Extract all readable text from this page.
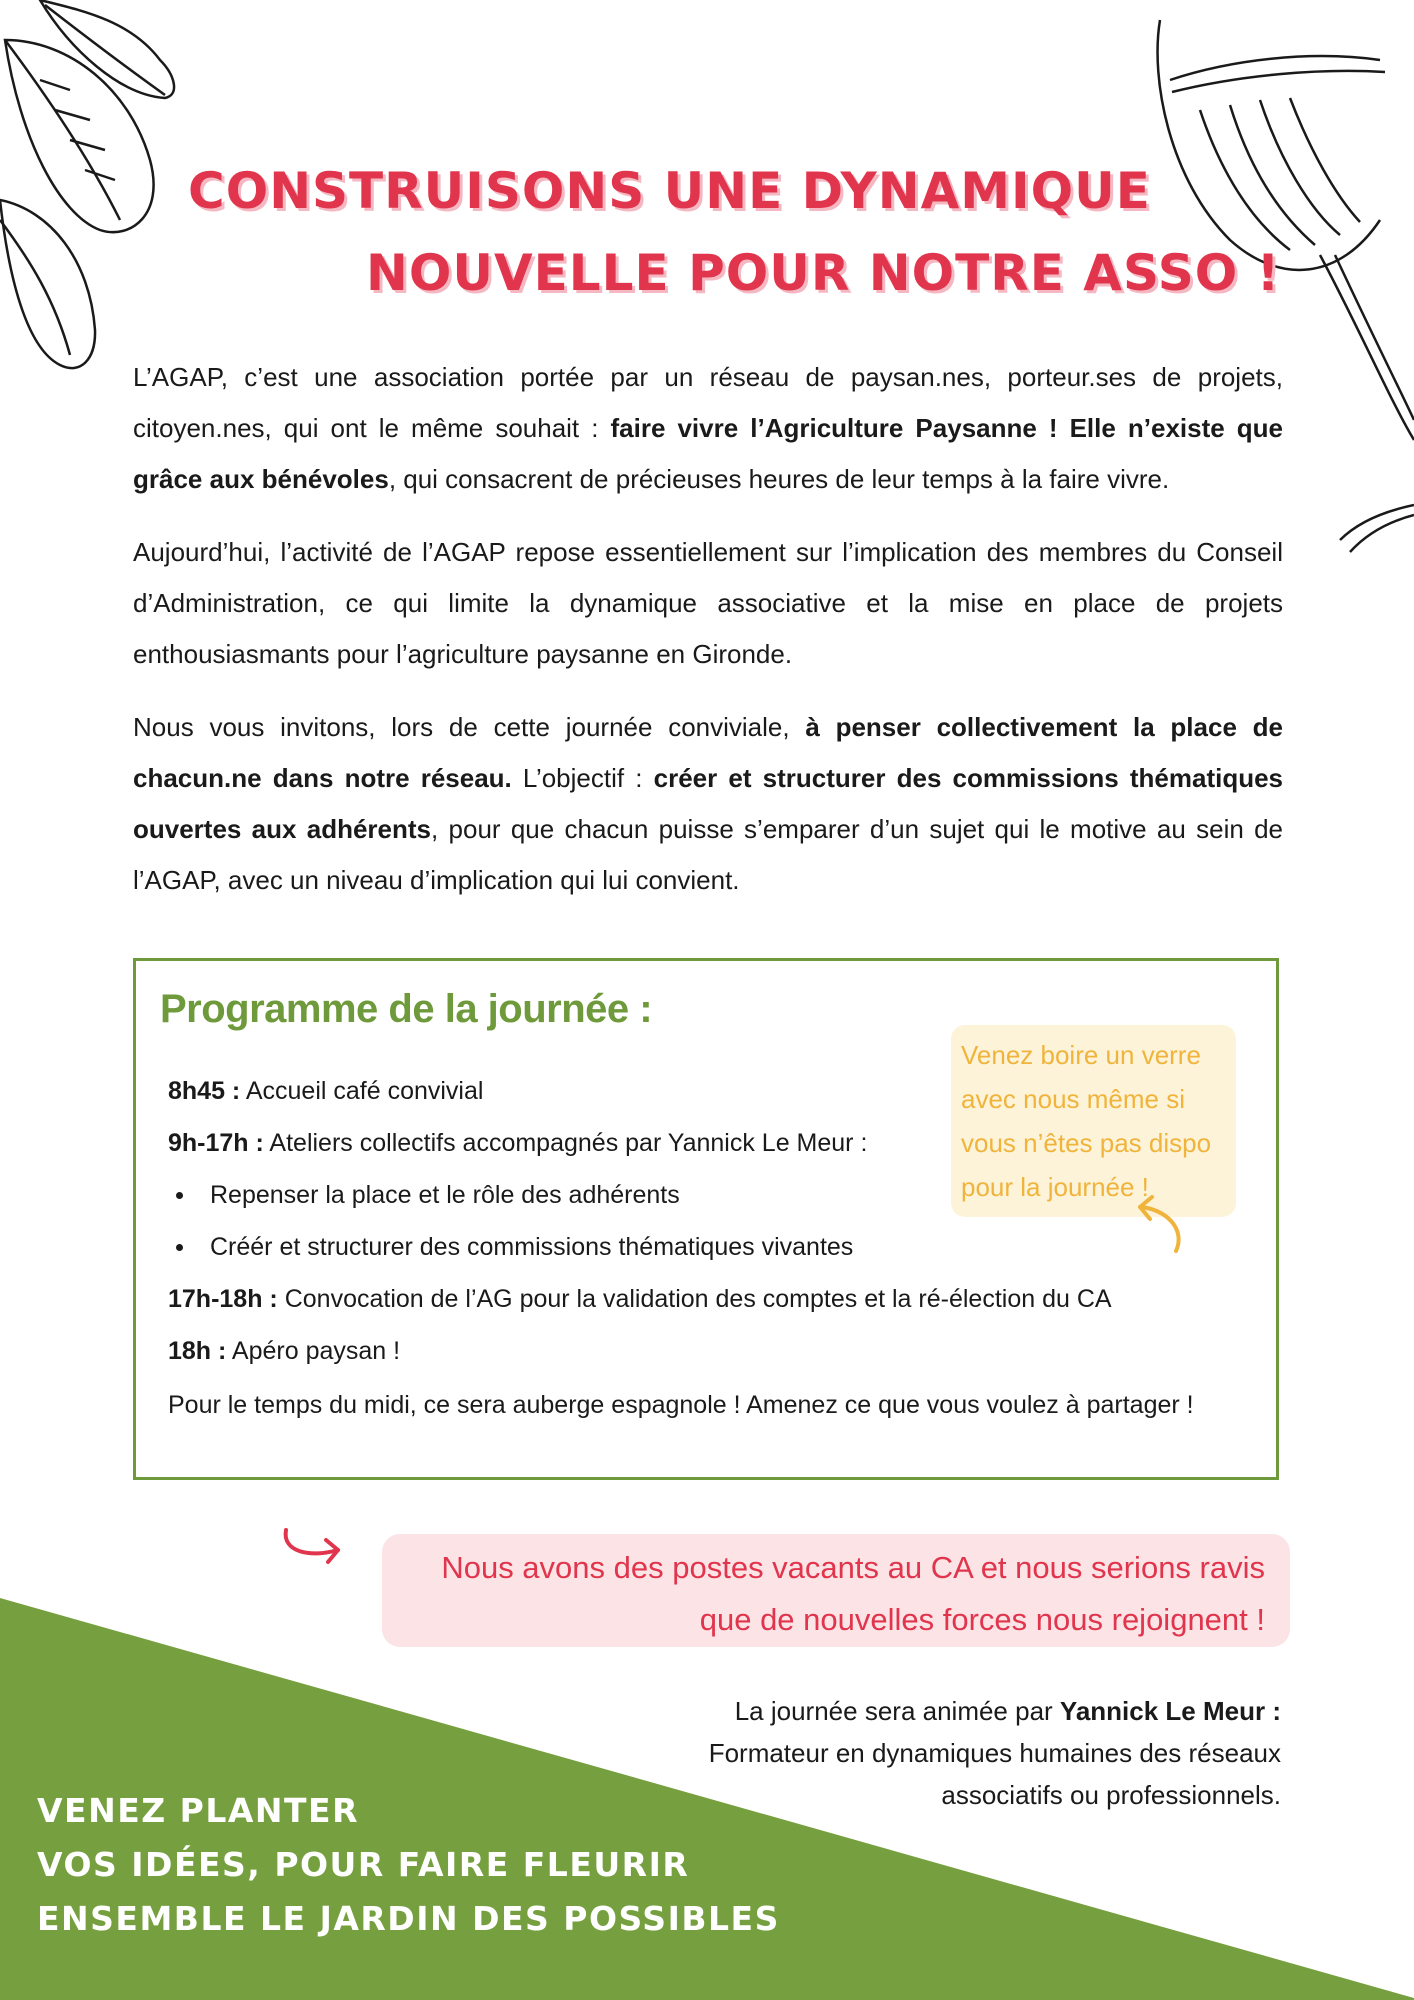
CONSTRUISONS UNE DYNAMIQUE
NOUVELLE POUR NOTRE ASSO !

L’AGAP, c’est une association portée par un réseau de paysan.nes, porteur.ses de projets, citoyen.nes, qui ont le même souhait : faire vivre l’Agriculture Paysanne ! Elle n’existe que grâce aux bénévoles, qui consacrent de précieuses heures de leur temps à la faire vivre.

Aujourd’hui, l’activité de l’AGAP repose essentiellement sur l’implication des membres du Conseil d’Administration, ce qui limite la dynamique associative et la mise en place de projets enthousiasmants pour l’agriculture paysanne en Gironde.

Nous vous invitons, lors de cette journée conviviale, à penser collectivement la place de chacun.ne dans notre réseau. L’objectif : créer et structurer des commissions thématiques ouvertes aux adhérents, pour que chacun puisse s’emparer d’un sujet qui le motive au sein de l’AGAP, avec un niveau d’implication qui lui convient.

Programme de la journée :
8h45 : Accueil café convivial
9h-17h : Ateliers collectifs accompagnés par Yannick Le Meur :
Repenser la place et le rôle des adhérents
Créér et structurer des commissions thématiques vivantes
17h-18h : Convocation de l’AG pour la validation des comptes et la ré-élection du CA
18h : Apéro paysan !
Pour le temps du midi, ce sera auberge espagnole ! Amenez ce que vous voulez à partager !
Venez boire un verre avec nous même si vous n’êtes pas dispo pour la journée !
Nous avons des postes vacants au CA et nous serions ravis que de nouvelles forces nous rejoignent !
La journée sera animée par Yannick Le Meur :
Formateur en dynamiques humaines des réseaux
associatifs ou professionnels.
VENEZ PLANTER
VOS IDÉES, POUR FAIRE FLEURIR
ENSEMBLE LE JARDIN DES POSSIBLES
